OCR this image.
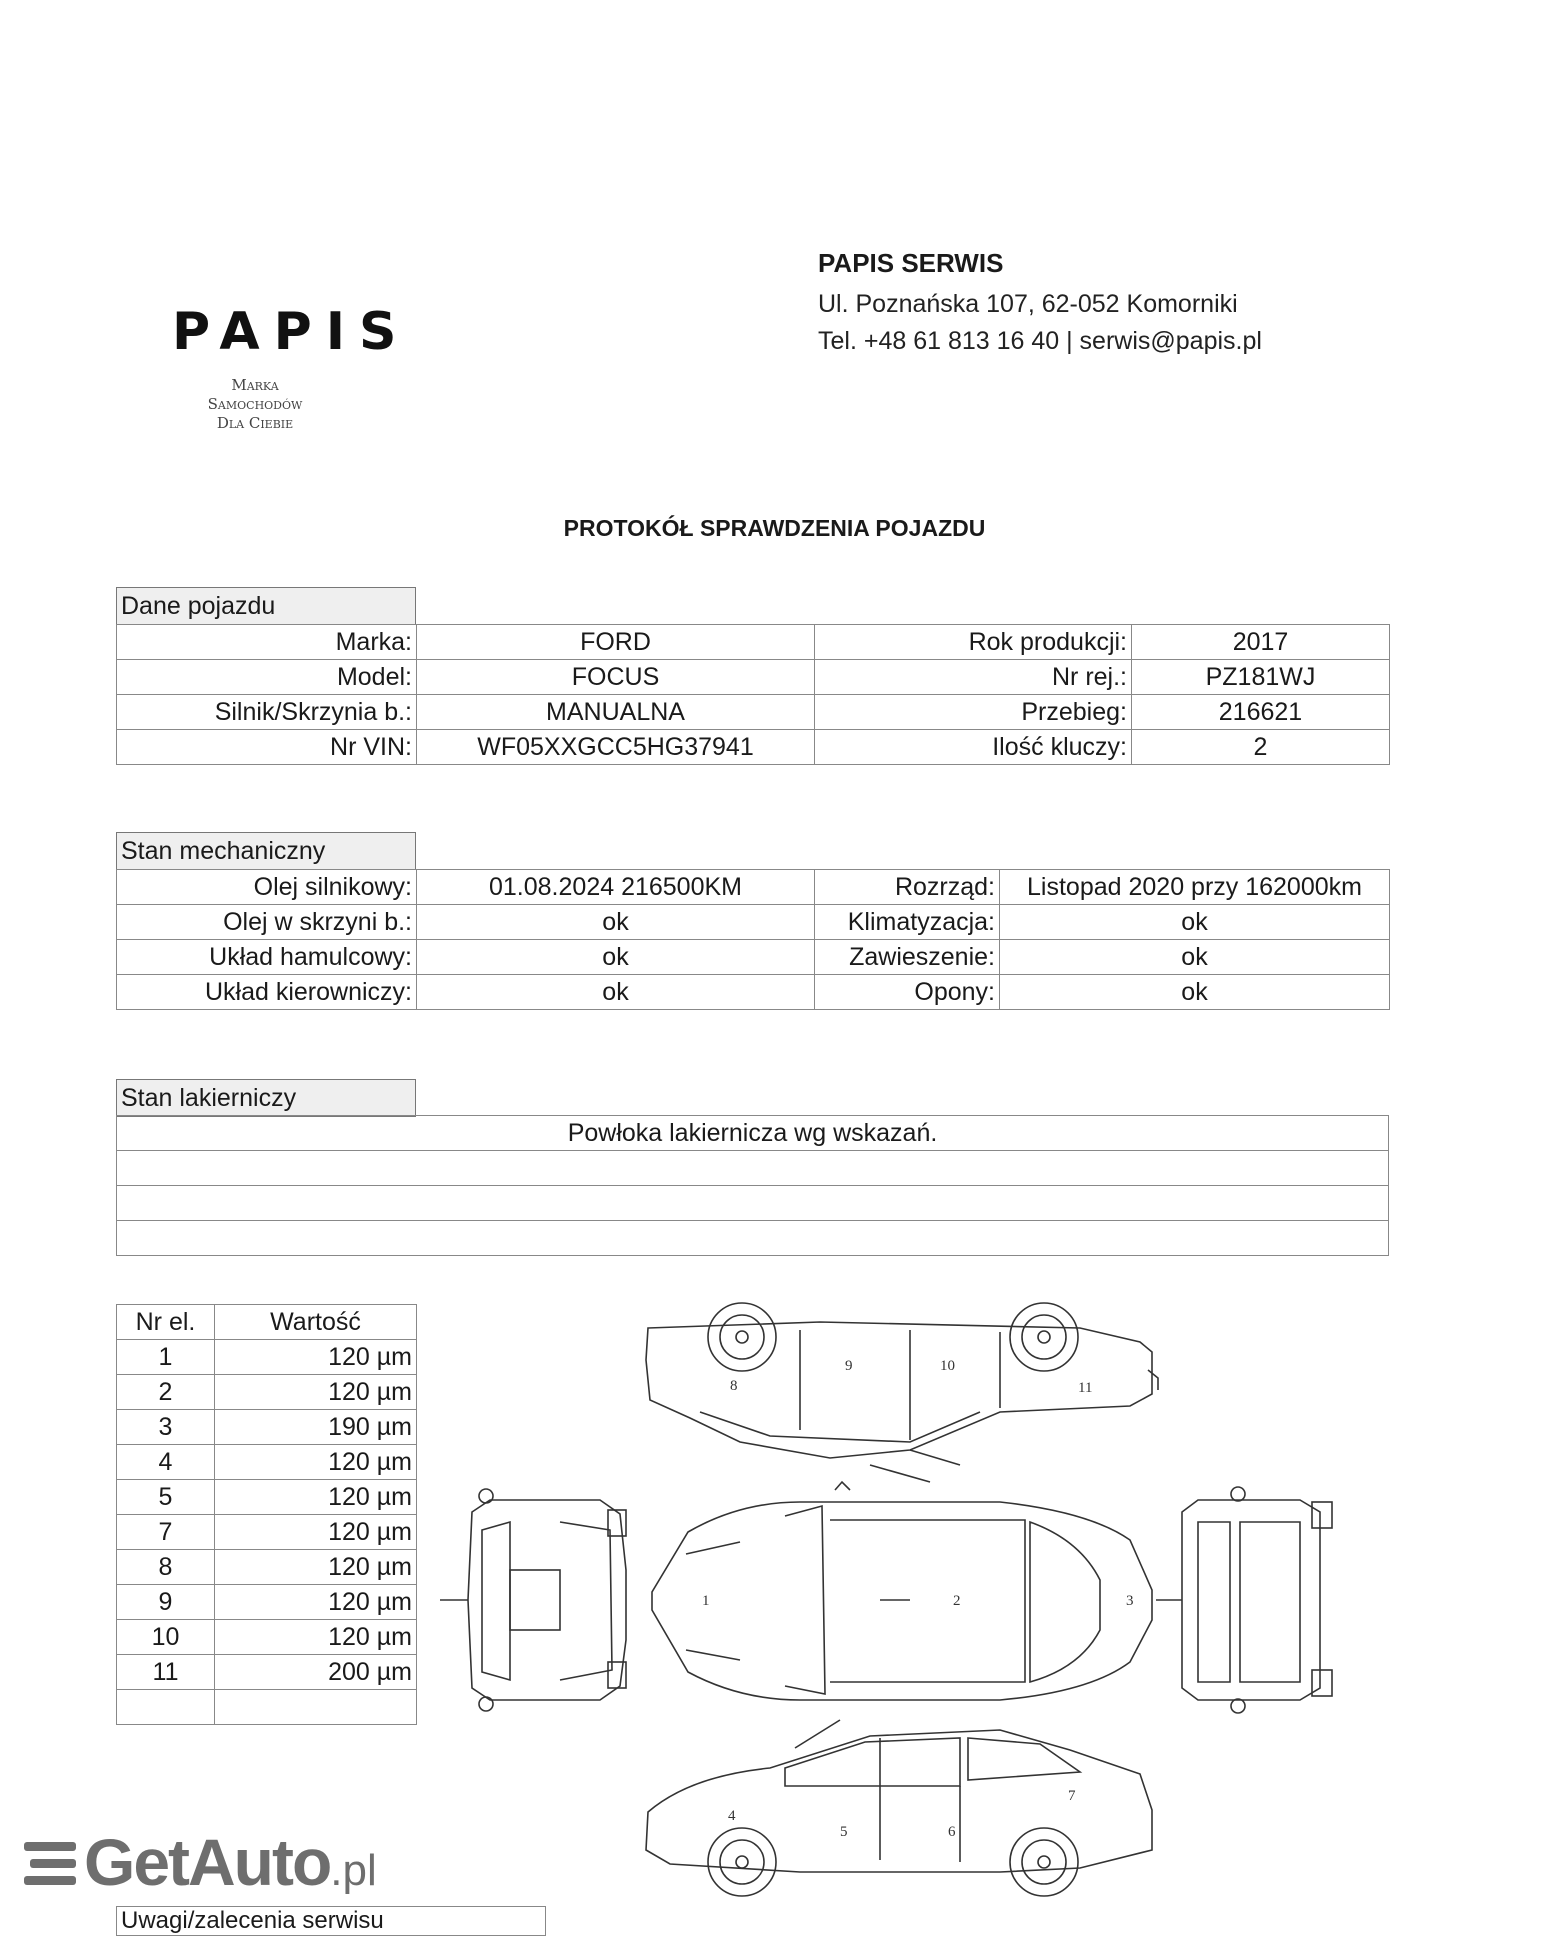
PAPIS
Marka
Samochodów
Dla Ciebie
PAPIS SERWIS
Ul. Poznańska 107, 62-052 Komorniki
Tel. +48 61 813 16 40 | serwis@papis.pl
PROTOKÓŁ SPRAWDZENIA POJAZDU
Dane pojazdu
Marka:	FORD	Rok produkcji:	2017
Model:	FOCUS	Nr rej.:	PZ181WJ
Silnik/Skrzynia b.:	MANUALNA	Przebieg:	216621
Nr VIN:	WF05XXGCC5HG37941	Ilość kluczy:	2
Stan mechaniczny
Olej silnikowy:	01.08.2024 216500KM	Rozrząd:	Listopad 2020 przy 162000km
Olej w skrzyni b.:	ok	Klimatyzacja:	ok
Układ hamulcowy:	ok	Zawieszenie:	ok
Układ kierowniczy:	ok	Opony:	ok
Stan lakierniczy
Powłoka lakiernicza wg wskazań.

Nr el.	Wartość
1	120 µm
2	120 µm
3	190 µm
4	120 µm
5	120 µm
7	120 µm
8	120 µm
9	120 µm
10	120 µm
11	200 µm

9	10
8	11
1	2	3
4
5	6
7
GetAuto.pl
Uwagi/zalecenia serwisu
